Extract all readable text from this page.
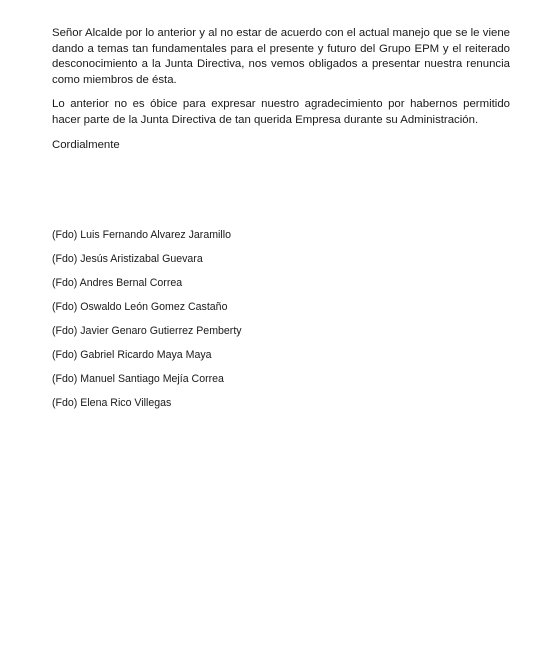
Señor Alcalde por lo anterior y al no estar de acuerdo con el actual manejo que se le viene dando a temas tan fundamentales para el presente y futuro del Grupo EPM y el reiterado desconocimiento a la Junta Directiva, nos vemos obligados a presentar nuestra renuncia como miembros de ésta.

Lo anterior no es óbice para expresar nuestro agradecimiento por habernos permitido hacer parte de la Junta Directiva de tan querida Empresa durante su Administración.

Cordialmente

(Fdo) Luis Fernando Alvarez Jaramillo
(Fdo) Jesús Aristizabal Guevara
(Fdo) Andres Bernal Correa
(Fdo) Oswaldo León Gomez Castaño
(Fdo) Javier Genaro Gutierrez Pemberty
(Fdo) Gabriel Ricardo Maya Maya
(Fdo) Manuel Santiago Mejía Correa
(Fdo) Elena Rico Villegas
